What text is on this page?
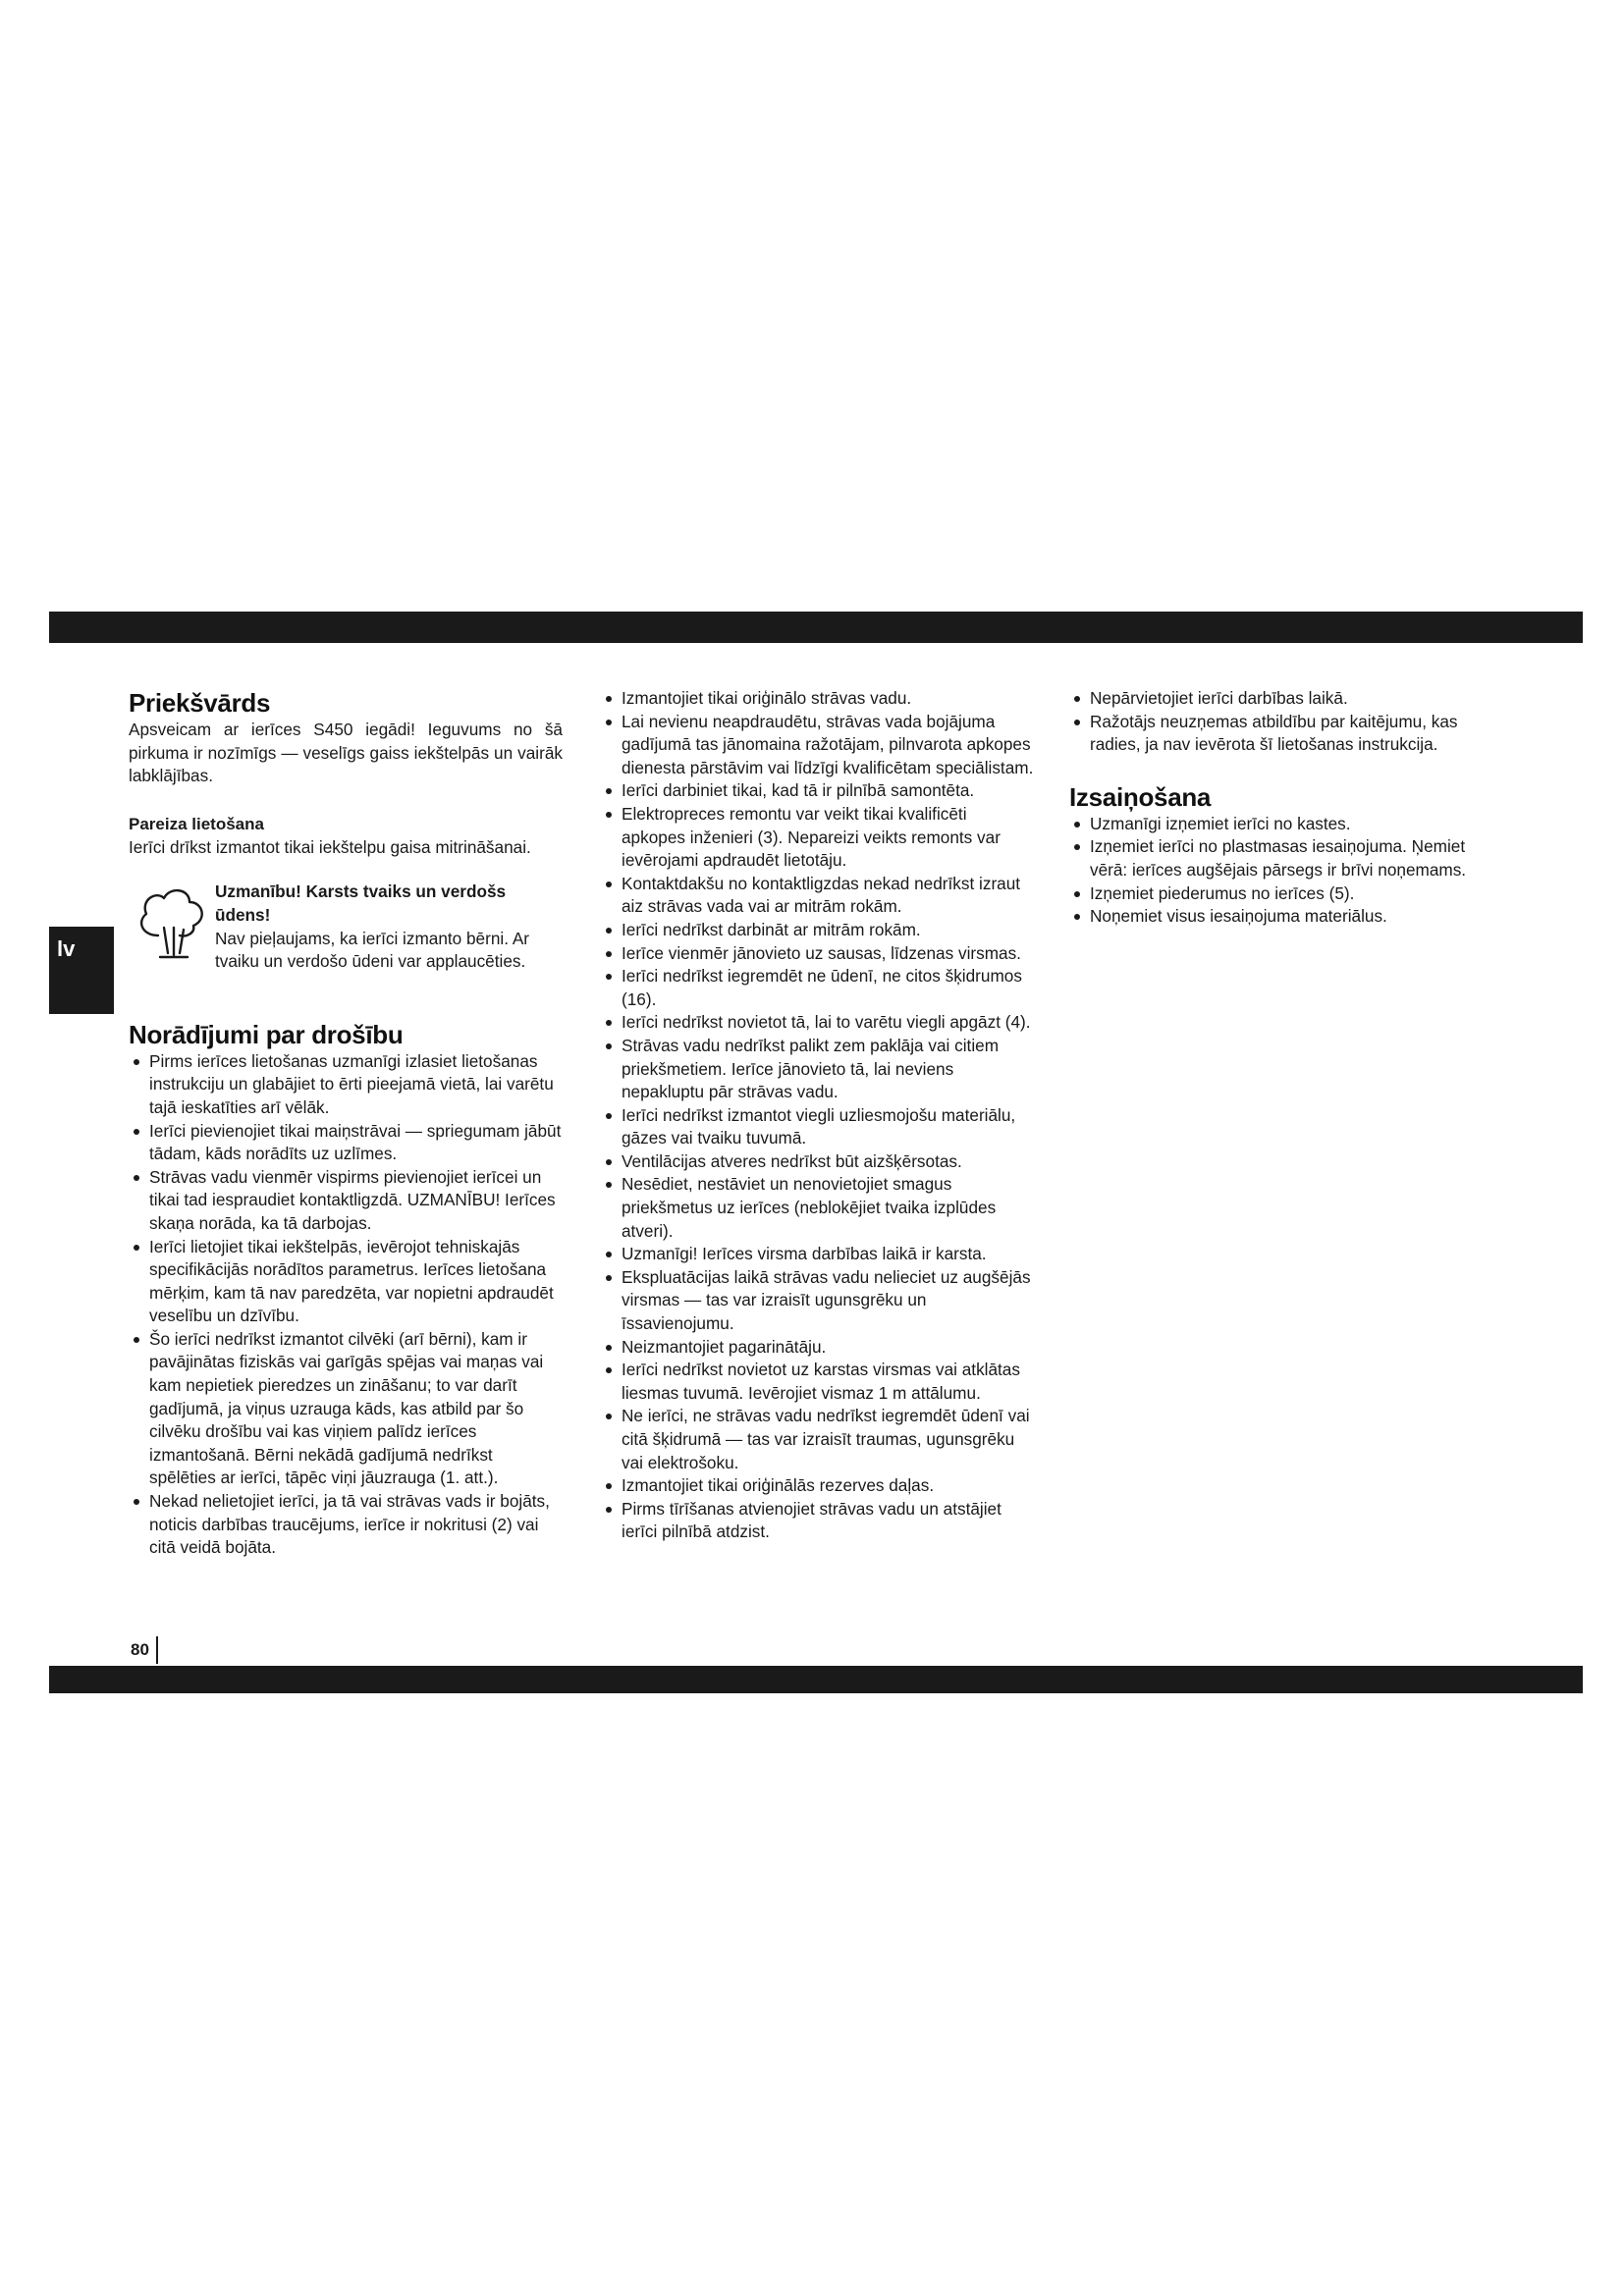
lv
Priekšvārds

Apsveicam ar ierīces S450 iegādi! Ieguvums no šā pirkuma ir nozīmīgs — veselīgs gaiss iekštelpās un vairāk labklājības.

Pareiza lietošana

Ierīci drīkst izmantot tikai iekštelpu gaisa mitrināšanai.

Uzmanību! Karsts tvaiks un verdošs ūdens!
Nav pieļaujams, ka ierīci izmanto bērni. Ar tvaiku un verdošo ūdeni var applaucēties.
Norādījumi par drošību
Pirms ierīces lietošanas uzmanīgi izlasiet lietošanas instrukciju un glabājiet to ērti pieejamā vietā, lai varētu tajā ieskatīties arī vēlāk.
Ierīci pievienojiet tikai maiņstrāvai — spriegumam jābūt tādam, kāds norādīts uz uzlīmes.
Strāvas vadu vienmēr vispirms pievienojiet ierīcei un tikai tad iespraudiet kontaktligzdā. UZMANĪBU! Ierīces skaņa norāda, ka tā darbojas.
Ierīci lietojiet tikai iekštelpās, ievērojot tehniskajās specifikācijās norādītos parametrus. Ierīces lietošana mērķim, kam tā nav paredzēta, var nopietni apdraudēt veselību un dzīvību.
Šo ierīci nedrīkst izmantot cilvēki (arī bērni), kam ir pavājinātas fiziskās vai garīgās spējas vai maņas vai kam nepietiek pieredzes un zināšanu; to var darīt gadījumā, ja viņus uzrauga kāds, kas atbild par šo cilvēku drošību vai kas viņiem palīdz ierīces izmantošanā. Bērni nekādā gadījumā nedrīkst spēlēties ar ierīci, tāpēc viņi jāuzrauga (1. att.).
Nekad nelietojiet ierīci, ja tā vai strāvas vads ir bojāts, noticis darbības traucējums, ierīce ir nokritusi (2) vai citā veidā bojāta.
Izmantojiet tikai oriģinālo strāvas vadu.
Lai nevienu neapdraudētu, strāvas vada bojājuma gadījumā tas jānomaina ražotājam, pilnvarota apkopes dienesta pārstāvim vai līdzīgi kvalificētam speciālistam.
Ierīci darbiniet tikai, kad tā ir pilnībā samontēta.
Elektropreces remontu var veikt tikai kvalificēti apkopes inženieri (3). Nepareizi veikts remonts var ievērojami apdraudēt lietotāju.
Kontaktdakšu no kontaktligzdas nekad nedrīkst izraut aiz strāvas vada vai ar mitrām rokām.
Ierīci nedrīkst darbināt ar mitrām rokām.
Ierīce vienmēr jānovieto uz sausas, līdzenas virsmas.
Ierīci nedrīkst iegremdēt ne ūdenī, ne citos šķidrumos (16).
Ierīci nedrīkst novietot tā, lai to varētu viegli apgāzt (4).
Strāvas vadu nedrīkst palikt zem paklāja vai citiem priekšmetiem. Ierīce jānovieto tā, lai neviens nepakluptu pār strāvas vadu.
Ierīci nedrīkst izmantot viegli uzliesmojošu materiālu, gāzes vai tvaiku tuvumā.
Ventilācijas atveres nedrīkst būt aizšķērsotas.
Nesēdiet, nestāviet un nenovietojiet smagus priekšmetus uz ierīces (neblokējiet tvaika izplūdes atveri).
Uzmanīgi! Ierīces virsma darbības laikā ir karsta.
Ekspluatācijas laikā strāvas vadu nelieciet uz augšējās virsmas — tas var izraisīt ugunsgrēku un īssavienojumu.
Neizmantojiet pagarinātāju.
Ierīci nedrīkst novietot uz karstas virsmas vai atklātas liesmas tuvumā. Ievērojiet vismaz 1 m attālumu.
Ne ierīci, ne strāvas vadu nedrīkst iegremdēt ūdenī vai citā šķidrumā — tas var izraisīt traumas, ugunsgrēku vai elektrošoku.
Izmantojiet tikai oriģinālās rezerves daļas.
Pirms tīrīšanas atvienojiet strāvas vadu un atstājiet ierīci pilnībā atdzist.
Nepārvietojiet ierīci darbības laikā.
Ražotājs neuzņemas atbildību par kaitējumu, kas radies, ja nav ievērota šī lietošanas instrukcija.
Izsaiņošana
Uzmanīgi izņemiet ierīci no kastes.
Izņemiet ierīci no plastmasas iesaiņojuma. Ņemiet vērā: ierīces augšējais pārsegs ir brīvi noņemams.
Izņemiet piederumus no ierīces (5).
Noņemiet visus iesaiņojuma materiālus.
80
